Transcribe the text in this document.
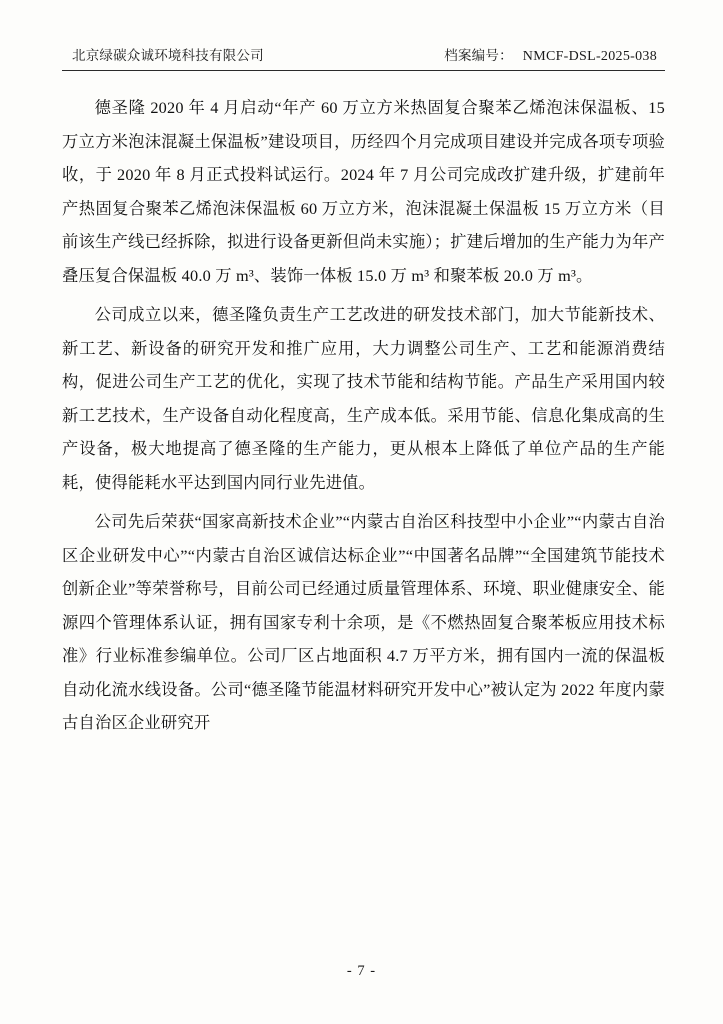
北京绿碳众诚环境科技有限公司	档案编号： NMCF-DSL-2025-038

德圣隆 2020 年 4 月启动“年产 60 万立方米热固复合聚苯乙烯泡沫保温板、15 万立方米泡沫混凝土保温板”建设项目，历经四个月完成项目建设并完成各项专项验收，于 2020 年 8 月正式投料试运行。2024 年 7 月公司完成改扩建升级，扩建前年产热固复合聚苯乙烯泡沫保温板 60 万立方米，泡沫混凝土保温板 15 万立方米（目前该生产线已经拆除，拟进行设备更新但尚未实施）；扩建后增加的生产能力为年产叠压复合保温板 40.0 万 m³、装饰一体板 15.0 万 m³ 和聚苯板 20.0 万 m³。

公司成立以来，德圣隆负责生产工艺改进的研发技术部门，加大节能新技术、新工艺、新设备的研究开发和推广应用，大力调整公司生产、工艺和能源消费结构，促进公司生产工艺的优化，实现了技术节能和结构节能。产品生产采用国内较新工艺技术，生产设备自动化程度高，生产成本低。采用节能、信息化集成高的生产设备，极大地提高了德圣隆的生产能力，更从根本上降低了单位产品的生产能耗，使得能耗水平达到国内同行业先进值。

公司先后荣获“国家高新技术企业”“内蒙古自治区科技型中小企业”“内蒙古自治区企业研发中心”“内蒙古自治区诚信达标企业”“中国著名品牌”“全国建筑节能技术创新企业”等荣誉称号，目前公司已经通过质量管理体系、环境、职业健康安全、能源四个管理体系认证，拥有国家专利十余项，是《不燃热固复合聚苯板应用技术标准》行业标准参编单位。公司厂区占地面积 4.7 万平方米，拥有国内一流的保温板自动化流水线设备。公司“德圣隆节能温材料研究开发中心”被认定为 2022 年度内蒙古自治区企业研究开

- 7 -
